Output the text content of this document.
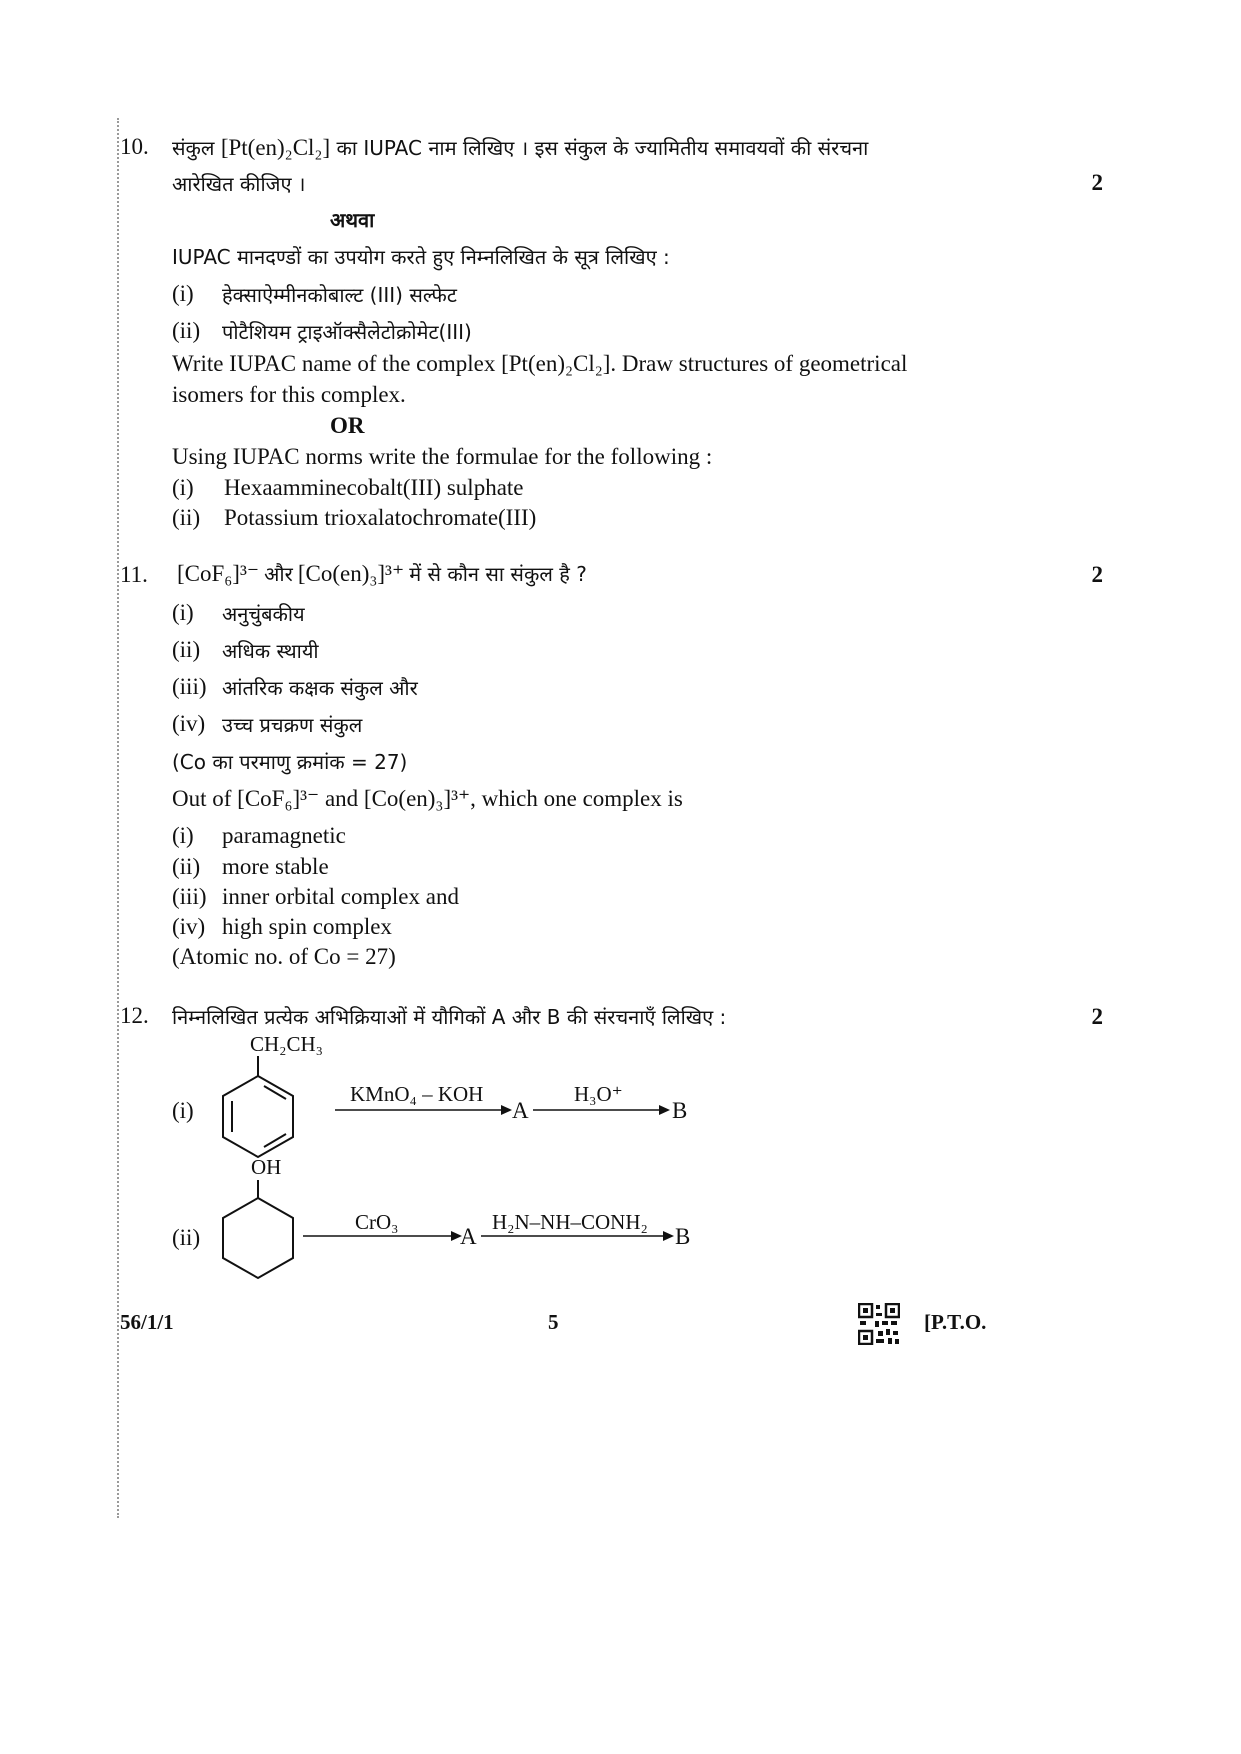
10. संकुल [Pt(en)₂Cl₂] का IUPAC नाम लिखिए । इस संकुल के ज्यामितीय समावयवों की संरचना
आरेखित कीजिए ।	2
अथवा
IUPAC मानदण्डों का उपयोग करते हुए निम्नलिखित के सूत्र लिखिए :
(i) हेक्साऐम्मीनकोबाल्ट (III) सल्फेट
(ii) पोटैशियम ट्राइऑक्सैलेटोक्रोमेट(III)
Write IUPAC name of the complex [Pt(en)₂Cl₂]. Draw structures of geometrical
isomers for this complex.
OR
Using IUPAC norms write the formulae for the following :
(i) Hexaamminecobalt(III) sulphate
(ii) Potassium trioxalatochromate(III)
11. [CoF₆]³⁻ और [Co(en)₃]³⁺ में से कौन सा संकुल है ?	2
(i) अनुचुंबकीय
(ii) अधिक स्थायी
(iii) आंतरिक कक्षक संकुल और
(iv) उच्च प्रचक्रण संकुल
(Co का परमाणु क्रमांक = 27)
Out of [CoF₆]³⁻ and [Co(en)₃]³⁺, which one complex is
(i) paramagnetic
(ii) more stable
(iii) inner orbital complex and
(iv) high spin complex
(Atomic no. of Co = 27)
12. निम्नलिखित प्रत्येक अभिक्रियाओं में यौगिकों A और B की संरचनाएँ लिखिए :	2
(i)
CH₂CH₃
KMnO₄ – KOH
A
H₃O⁺
B
(ii)
OH
CrO₃
A
H₂N–NH–CONH₂
B
56/1/1	5	[P.T.O.
